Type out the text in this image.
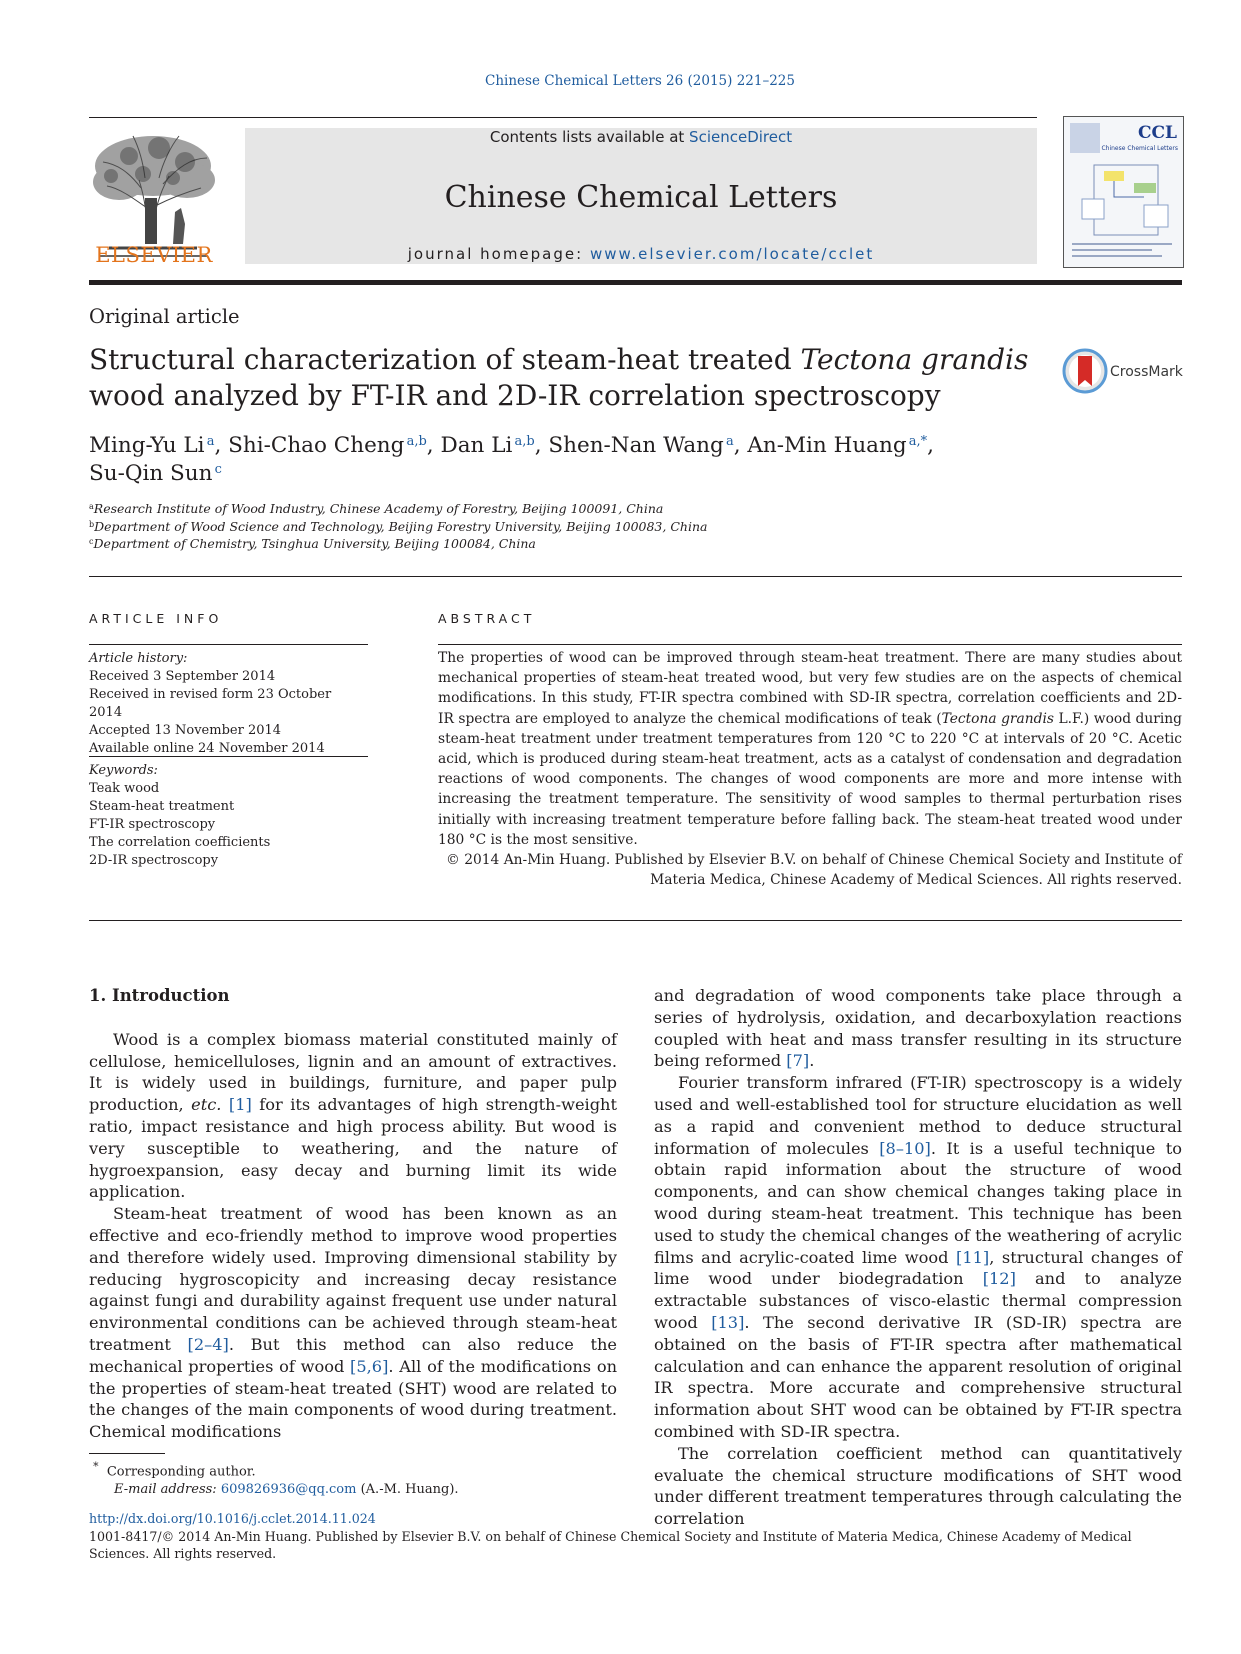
Chinese Chemical Letters 26 (2015) 221–225
ELSEVIER
Contents lists available at ScienceDirect
Chinese Chemical Letters
journal homepage: www.elsevier.com/locate/cclet
CCL
Chinese Chemical Letters
Original article
Structural characterization of steam-heat treated Tectona grandis
wood analyzed by FT-IR and 2D-IR correlation spectroscopy
CrossMark
Ming-Yu Li  $^a$, Shi-Chao Cheng  $^{a,b}$, Dan Li  $^{a,b}$, Shen-Nan Wang  $^a$, An-Min Huang  $^{a,*}$,
Su-Qin Sun  $^c$
$^a$Research Institute of Wood Industry, Chinese Academy of Forestry, Beijing 100091, China
$^b$Department of Wood Science and Technology, Beijing Forestry University, Beijing 100083, China
$^c$Department of Chemistry, Tsinghua University, Beijing 100084, China
ARTICLE INFO	ABSTRACT
Article history:
Received 3 September 2014
Received in revised form 23 October 2014
Accepted 13 November 2014
Available online 24 November 2014
Keywords:
Teak wood
Steam-heat treatment
FT-IR spectroscopy
The correlation coefficients
2D-IR spectroscopy
The properties of wood can be improved through steam-heat treatment. There are many studies about mechanical properties of steam-heat treated wood, but very few studies are on the aspects of chemical modifications. In this study, FT-IR spectra combined with SD-IR spectra, correlation coefficients and 2D-IR spectra are employed to analyze the chemical modifications of teak (Tectona grandis L.F.) wood during steam-heat treatment under treatment temperatures from 120 °C to 220 °C at intervals of 20 °C. Acetic acid, which is produced during steam-heat treatment, acts as a catalyst of condensation and degradation reactions of wood components. The changes of wood components are more and more intense with increasing the treatment temperature. The sensitivity of wood samples to thermal perturbation rises initially with increasing treatment temperature before falling back. The steam-heat treated wood under 180 °C is the most sensitive.
© 2014 An-Min Huang. Published by Elsevier B.V. on behalf of Chinese Chemical Society and Institute of Materia Medica, Chinese Academy of Medical Sciences. All rights reserved.
1. Introduction

Wood is a complex biomass material constituted mainly of cellulose, hemicelluloses, lignin and an amount of extractives. It is widely used in buildings, furniture, and paper pulp production, etc. [1] for its advantages of high strength-weight ratio, impact resistance and high process ability. But wood is very susceptible to weathering, and the nature of hygroexpansion, easy decay and burning limit its wide application.

Steam-heat treatment of wood has been known as an effective and eco-friendly method to improve wood properties and therefore widely used. Improving dimensional stability by reducing hygroscopicity and increasing decay resistance against fungi and durability against frequent use under natural environmental conditions can be achieved through steam-heat treatment [2–4]. But this method can also reduce the mechanical properties of wood [5,6]. All of the modifications on the properties of steam-heat treated (SHT) wood are related to the changes of the main components of wood during treatment. Chemical modifications

and degradation of wood components take place through a series of hydrolysis, oxidation, and decarboxylation reactions coupled with heat and mass transfer resulting in its structure being reformed [7].

Fourier transform infrared (FT-IR) spectroscopy is a widely used and well-established tool for structure elucidation as well as a rapid and convenient method to deduce structural information of molecules [8–10]. It is a useful technique to obtain rapid information about the structure of wood components, and can show chemical changes taking place in wood during steam-heat treatment. This technique has been used to study the chemical changes of the weathering of acrylic films and acrylic-coated lime wood [11], structural changes of lime wood under biodegradation [12] and to analyze extractable substances of visco-elastic thermal compression wood [13]. The second derivative IR (SD-IR) spectra are obtained on the basis of FT-IR spectra after mathematical calculation and can enhance the apparent resolution of original IR spectra. More accurate and comprehensive structural information about SHT wood can be obtained by FT-IR spectra combined with SD-IR spectra.

The correlation coefficient method can quantitatively evaluate the chemical structure modifications of SHT wood under different treatment temperatures through calculating the correlation

* Corresponding author.
E-mail address: 609826936@qq.com (A.-M. Huang).
http://dx.doi.org/10.1016/j.cclet.2014.11.024
1001-8417/© 2014 An-Min Huang. Published by Elsevier B.V. on behalf of Chinese Chemical Society and Institute of Materia Medica, Chinese Academy of Medical Sciences. All rights reserved.
